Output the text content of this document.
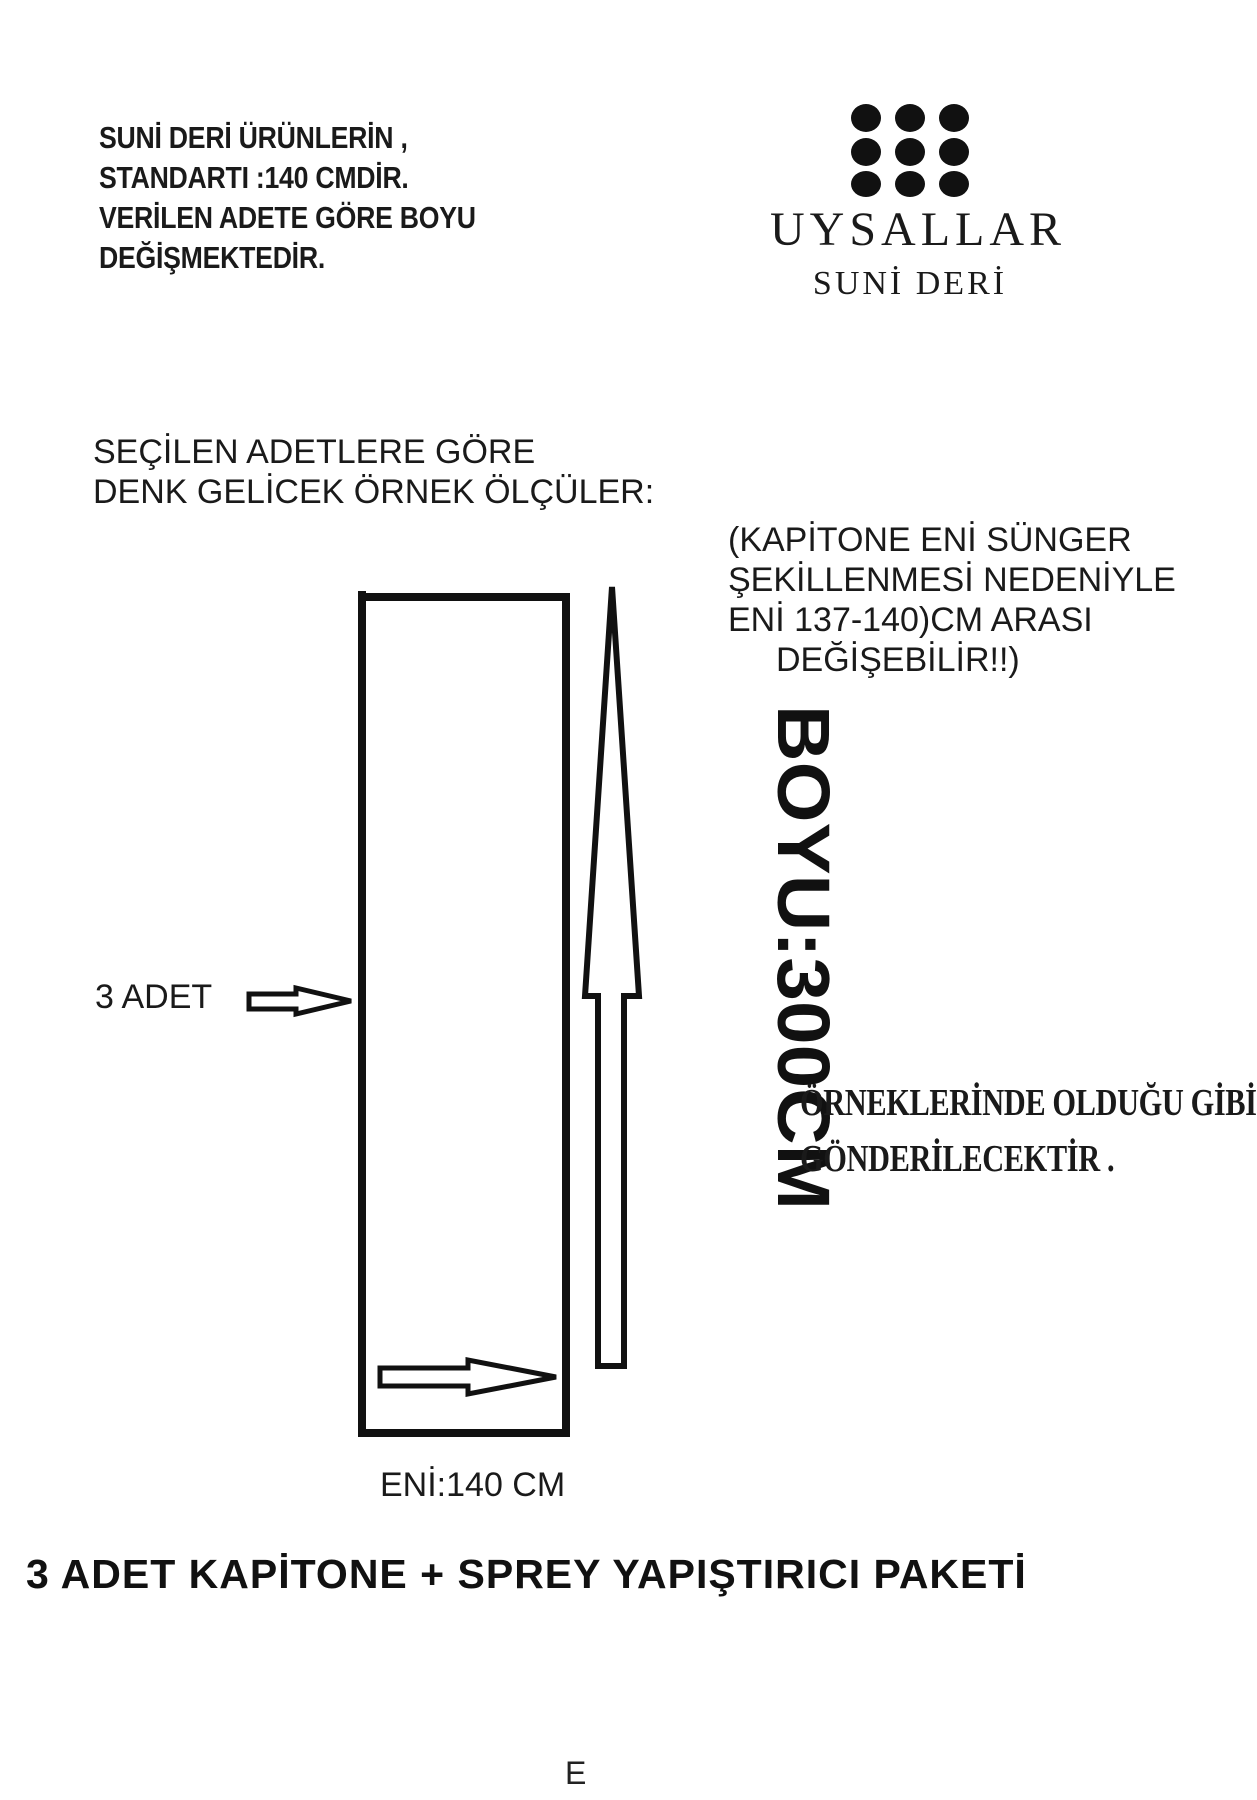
SUNİ DERİ ÜRÜNLERİN ,
STANDARTI :140 CMDİR.
VERİLEN ADETE GÖRE BOYU
DEĞİŞMEKTEDİR.
UYSALLAR
SUNİ DERİ
SEÇİLEN ADETLERE GÖRE
DENK GELİCEK ÖRNEK ÖLÇÜLER:
(KAPİTONE ENİ SÜNGER
ŞEKİLLENMESİ NEDENİYLE
ENİ 137-140)CM ARASI
DEĞİŞEBİLİR!!)
3 ADET	BOYU:300CM
ÖRNEKLERİNDE OLDUĞU GİBİ
GÖNDERİLECEKTİR .
ENİ:140 CM
3 ADET KAPİTONE + SPREY YAPIŞTIRICI PAKETİ
E
